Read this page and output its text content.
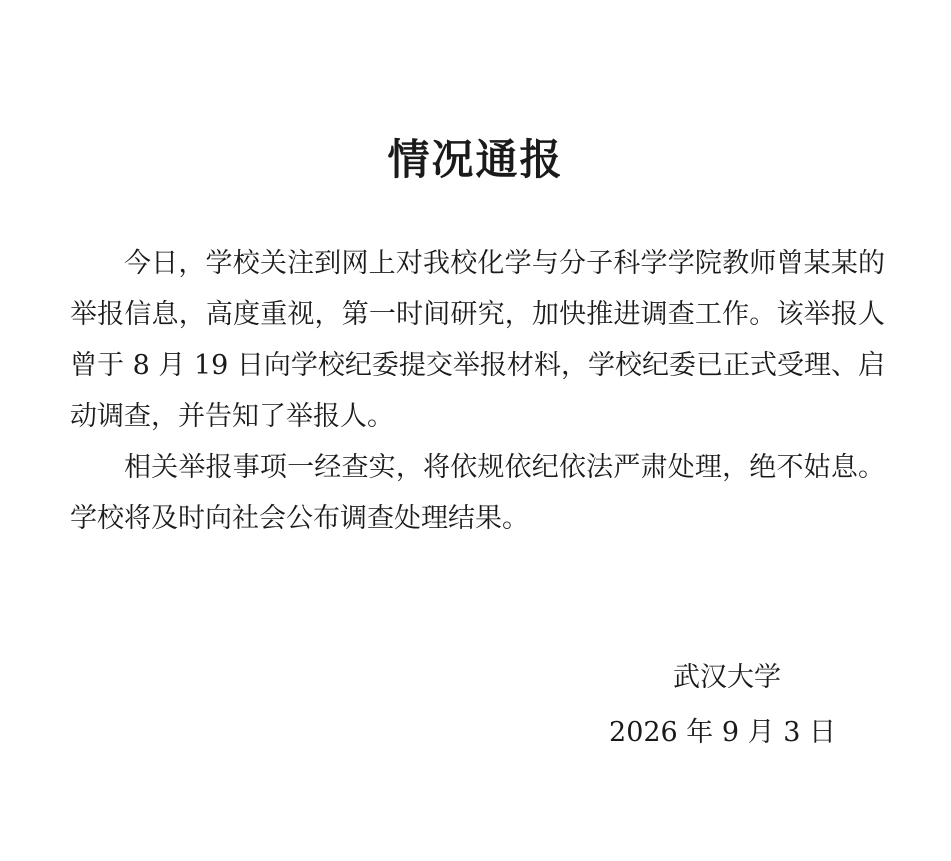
情况通报

今日，学校关注到网上对我校化学与分子科学学院教师曾某某的举报信息，高度重视，第一时间研究，加快推进调查工作。该举报人曾于 8 月 19 日向学校纪委提交举报材料，学校纪委已正式受理、启动调查，并告知了举报人。

相关举报事项一经查实，将依规依纪依法严肃处理，绝不姑息。学校将及时向社会公布调查处理结果。

武汉大学
2026 年 9 月 3 日
